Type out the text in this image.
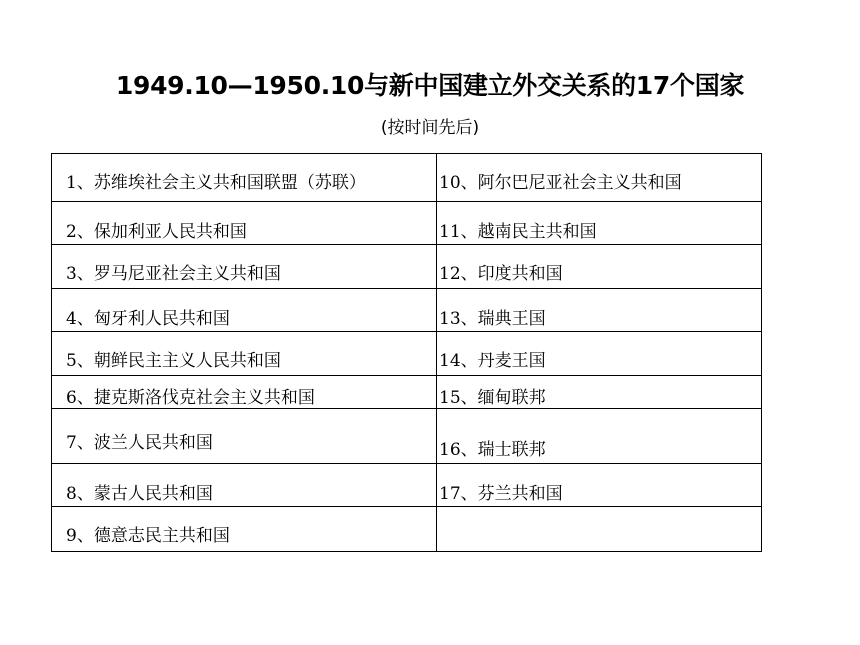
1949.10—1950.10与新中国建立外交关系的17个国家
(按时间先后)
1、苏维埃社会主义共和国联盟（苏联）	10、阿尔巴尼亚社会主义共和国

2、保加利亚人民共和国	11、越南民主共和国

3、罗马尼亚社会主义共和国	12、印度共和国

4、匈牙利人民共和国	13、瑞典王国

5、朝鲜民主主义人民共和国	14、丹麦王国

6、捷克斯洛伐克社会主义共和国	15、缅甸联邦

7、波兰人民共和国	16、瑞士联邦

8、蒙古人民共和国	17、芬兰共和国

9、德意志民主共和国	
